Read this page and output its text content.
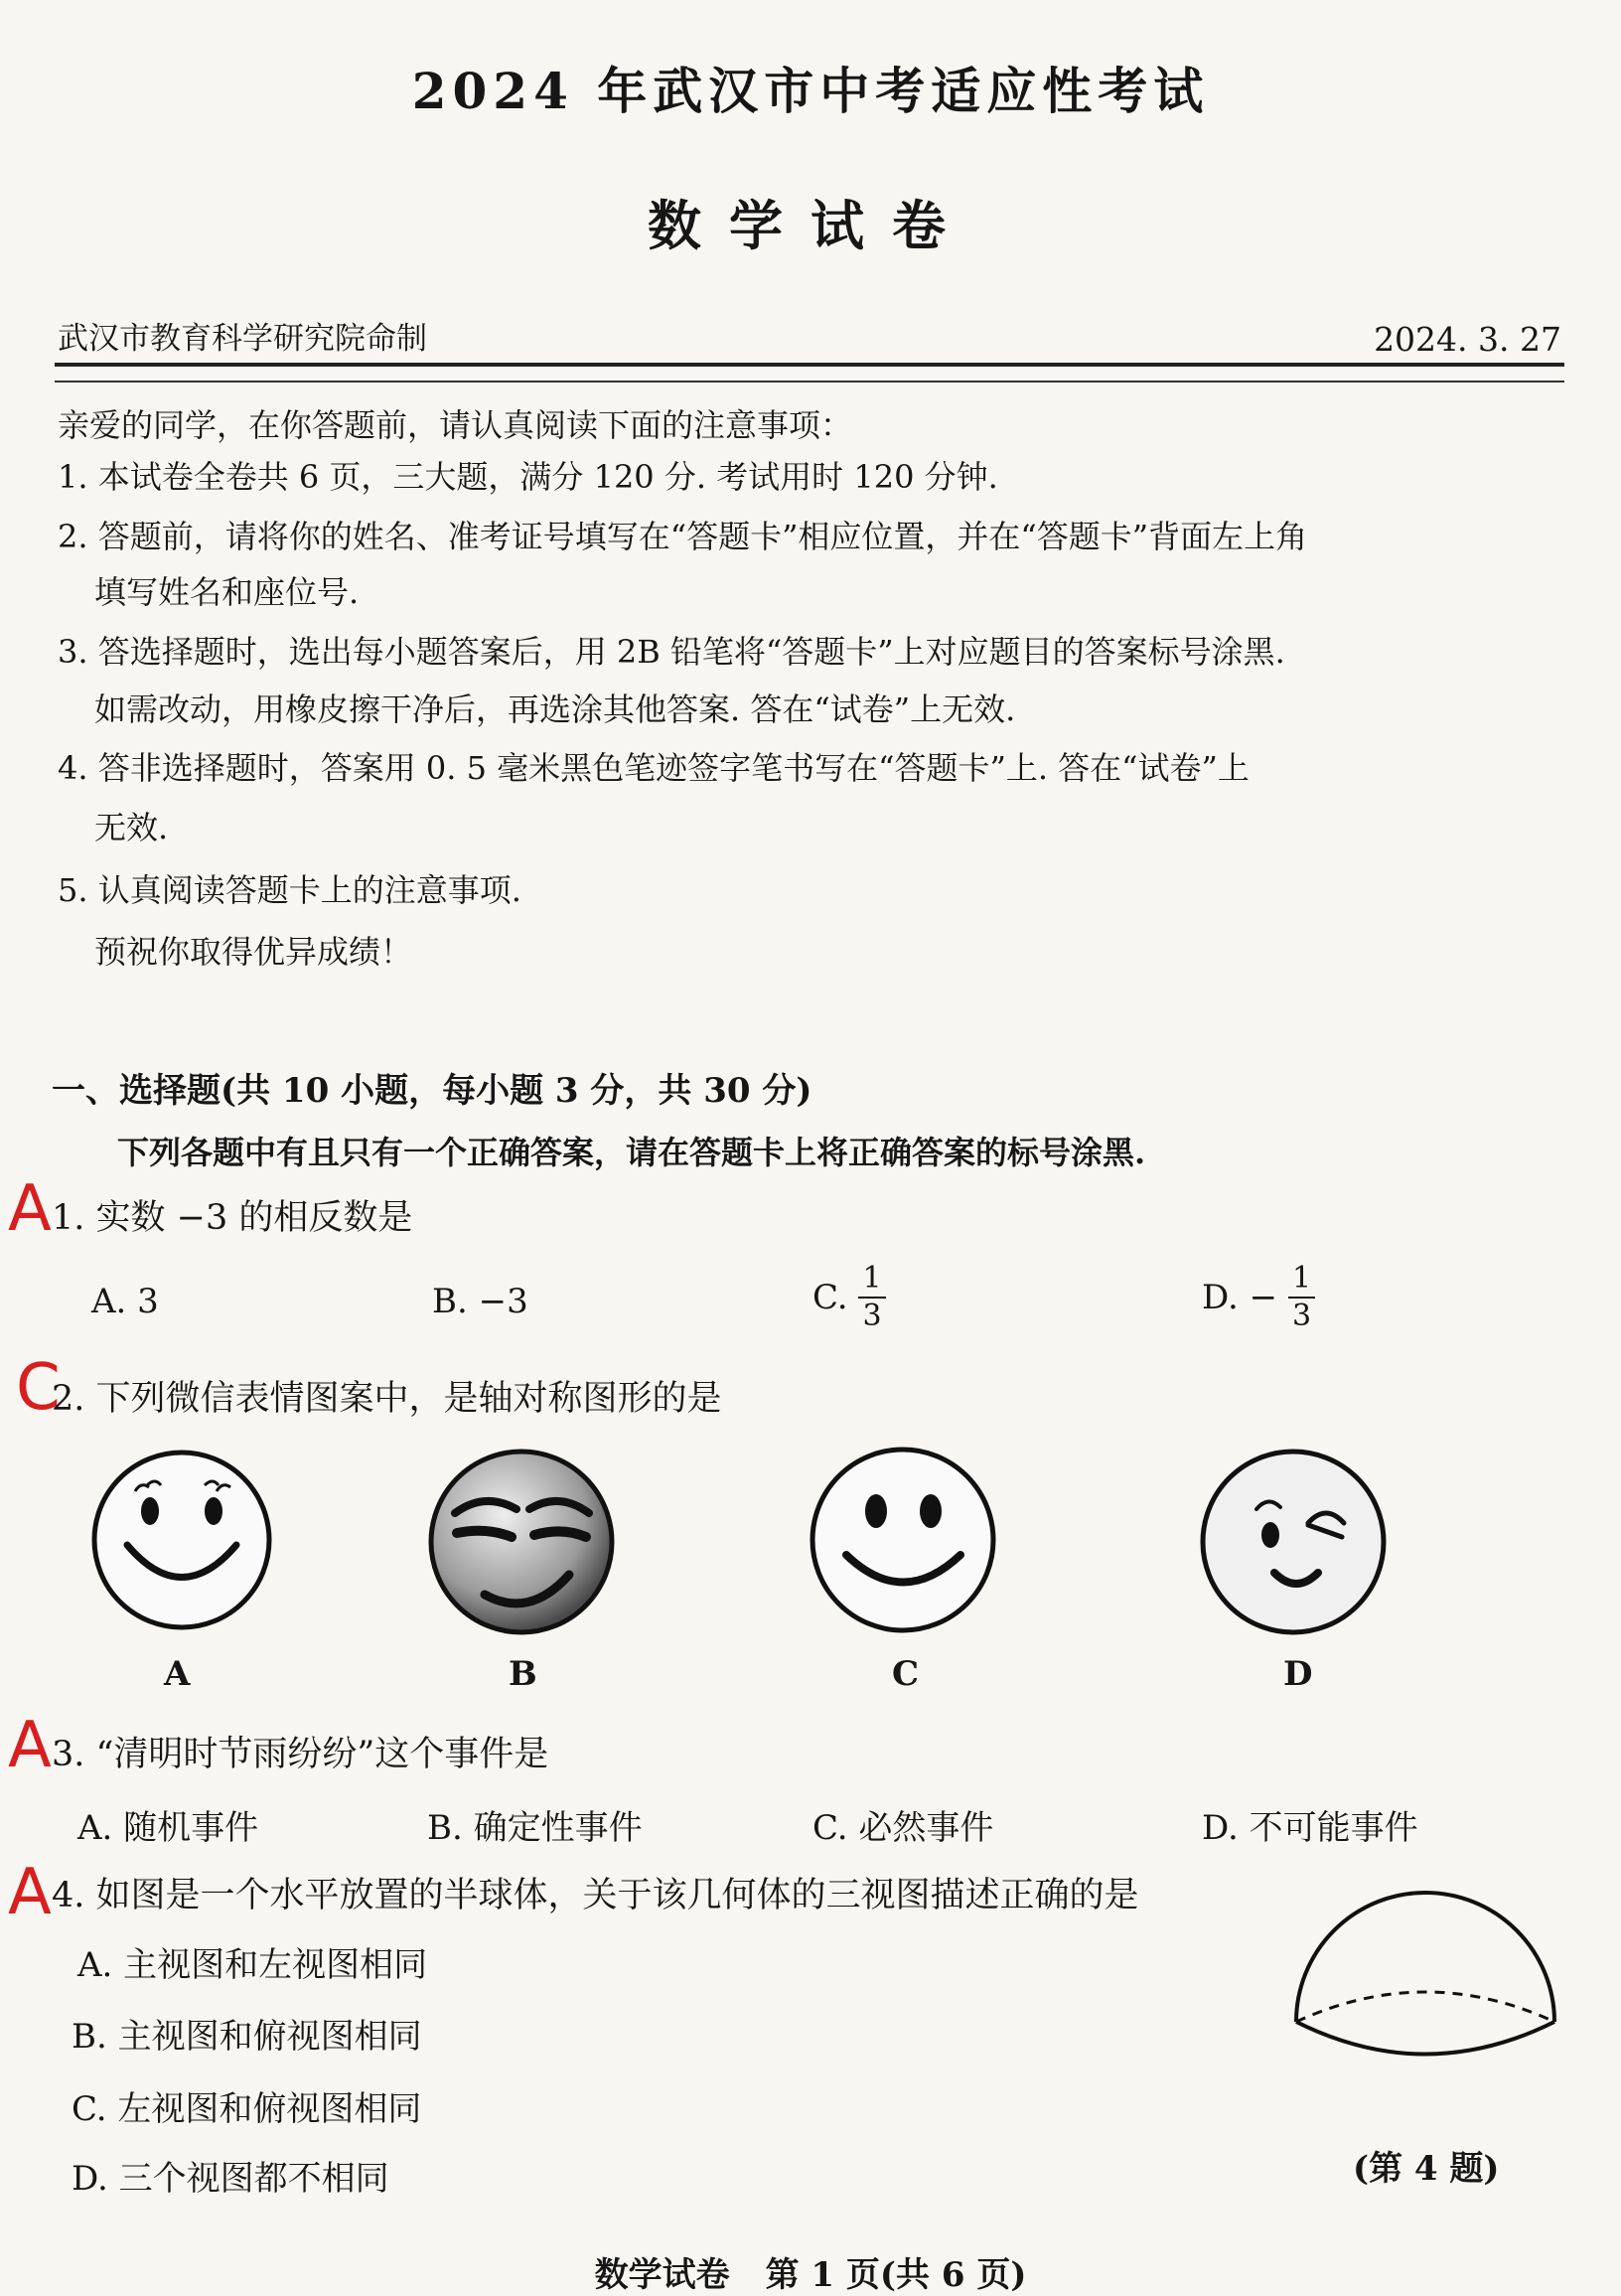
2024 年武汉市中考适应性考试
数学试卷
武汉市教育科学研究院命制	2024. 3. 27
亲爱的同学，在你答题前，请认真阅读下面的注意事项：
1. 本试卷全卷共 6 页，三大题，满分 120 分. 考试用时 120 分钟.
2. 答题前，请将你的姓名、准考证号填写在“答题卡”相应位置，并在“答题卡”背面左上角
填写姓名和座位号.
3. 答选择题时，选出每小题答案后，用 2B 铅笔将“答题卡”上对应题目的答案标号涂黑.
如需改动，用橡皮擦干净后，再选涂其他答案. 答在“试卷”上无效.
4. 答非选择题时，答案用 0. 5 毫米黑色笔迹签字笔书写在“答题卡”上. 答在“试卷”上
无效.
5. 认真阅读答题卡上的注意事项.
预祝你取得优异成绩！
一、选择题(共 10 小题，每小题 3 分，共 30 分)
下列各题中有且只有一个正确答案，请在答题卡上将正确答案的标号涂黑.
A 1. 实数 −3 的相反数是
A. 3	B. −3	C. $\frac{1}{3}$	D. − $\frac{1}{3}$
C
2. 下列微信表情图案中，是轴对称图形的是
A	B	C	D
A 3. “清明时节雨纷纷”这个事件是
A. 随机事件	B. 确定性事件	C. 必然事件	D. 不可能事件
A 4. 如图是一个水平放置的半球体，关于该几何体的三视图描述正确的是
A. 主视图和左视图相同
B. 主视图和俯视图相同
C. 左视图和俯视图相同
D. 三个视图都不相同	(第 4 题)
数学试卷 第 1 页(共 6 页)
